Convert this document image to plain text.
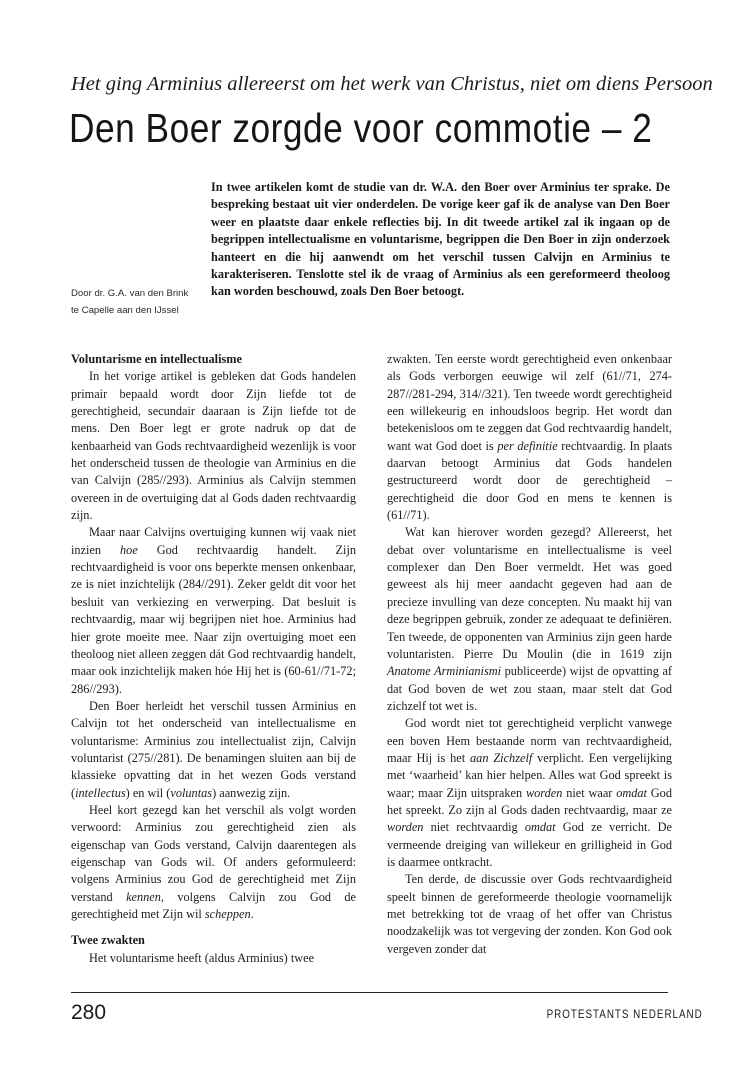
Het ging Arminius allereerst om het werk van Christus, niet om diens Persoon
Den Boer zorgde voor commotie – 2
Door dr. G.A. van den Brink
te Capelle aan den IJssel
In twee artikelen komt de studie van dr. W.A. den Boer over Arminius ter sprake. De bespreking bestaat uit vier onderdelen. De vorige keer gaf ik de analyse van Den Boer weer en plaatste daar enkele reflecties bij. In dit tweede artikel zal ik ingaan op de begrippen intellectualisme en voluntarisme, begrippen die Den Boer in zijn onderzoek hanteert en die hij aanwendt om het verschil tussen Calvijn en Arminius te karakteriseren. Tenslotte stel ik de vraag of Arminius als een gereformeerd theoloog kan worden beschouwd, zoals Den Boer betoogt.
Voluntarisme en intellectualisme

In het vorige artikel is gebleken dat Gods handelen primair bepaald wordt door Zijn liefde tot de gerechtigheid, secundair daaraan is Zijn liefde tot de mens. Den Boer legt er grote nadruk op dat de kenbaarheid van Gods rechtvaardigheid wezenlijk is voor het onderscheid tussen de theologie van Arminius en die van Calvijn (285//293). Arminius als Calvijn stemmen overeen in de overtuiging dat al Gods daden rechtvaardig zijn.

Maar naar Calvijns overtuiging kunnen wij vaak niet inzien hoe God rechtvaardig handelt. Zijn rechtvaardigheid is voor ons beperkte mensen onkenbaar, ze is niet inzichtelijk (284//291). Zeker geldt dit voor het besluit van verkiezing en verwerping. Dat besluit is rechtvaardig, maar wij begrijpen niet hoe. Arminius had hier grote moeite mee. Naar zijn overtuiging moet een theoloog niet alleen zeggen dát God rechtvaardig handelt, maar ook inzichtelijk maken hóe Hij het is (60-61//71-72; 286//293).

Den Boer herleidt het verschil tussen Arminius en Calvijn tot het onderscheid van intellectualisme en voluntarisme: Arminius zou intellectualist zijn, Calvijn voluntarist (275//281). De benamingen sluiten aan bij de klassieke opvatting dat in het wezen Gods verstand (intellectus) en wil (voluntas) aanwezig zijn.

Heel kort gezegd kan het verschil als volgt worden verwoord: Arminius zou gerechtigheid zien als eigenschap van Gods verstand, Calvijn daarentegen als eigenschap van Gods wil. Of anders geformuleerd: volgens Arminius zou God de gerechtigheid met Zijn verstand kennen, volgens Calvijn zou God de gerechtigheid met Zijn wil scheppen.

Twee zwakten

Het voluntarisme heeft (aldus Arminius) twee

zwakten. Ten eerste wordt gerechtigheid even onkenbaar als Gods verborgen eeuwige wil zelf (61//71, 274-287//281-294, 314//321). Ten tweede wordt gerechtigheid een willekeurig en inhoudsloos begrip. Het wordt dan betekenisloos om te zeggen dat God rechtvaardig handelt, want wat God doet is per definitie rechtvaardig. In plaats daarvan betoogt Arminius dat Gods handelen gestructureerd wordt door de gerechtigheid – gerechtigheid die door God en mens te kennen is (61//71).

Wat kan hierover worden gezegd? Allereerst, het debat over voluntarisme en intellectualisme is veel complexer dan Den Boer vermeldt. Het was goed geweest als hij meer aandacht gegeven had aan de precieze invulling van deze concepten. Nu maakt hij van deze begrippen gebruik, zonder ze adequaat te definiëren. Ten tweede, de opponenten van Arminius zijn geen harde voluntaristen. Pierre Du Moulin (die in 1619 zijn Anatome Arminianismi publiceerde) wijst de opvatting af dat God boven de wet zou staan, maar stelt dat God zichzelf tot wet is.

God wordt niet tot gerechtigheid verplicht vanwege een boven Hem bestaande norm van rechtvaardigheid, maar Hij is het aan Zichzelf verplicht. Een vergelijking met ‘waarheid’ kan hier helpen. Alles wat God spreekt is waar; maar Zijn uitspraken worden niet waar omdat God het spreekt. Zo zijn al Gods daden rechtvaardig, maar ze worden niet rechtvaardig omdat God ze verricht. De vermeende dreiging van willekeur en grilligheid in God is daarmee ontkracht.

Ten derde, de discussie over Gods rechtvaardigheid speelt binnen de gereformeerde theologie voornamelijk met betrekking tot de vraag of het offer van Christus noodzakelijk was tot vergeving der zonden. Kon God ook vergeven zonder dat

280	PROTESTANTS NEDERLAND
